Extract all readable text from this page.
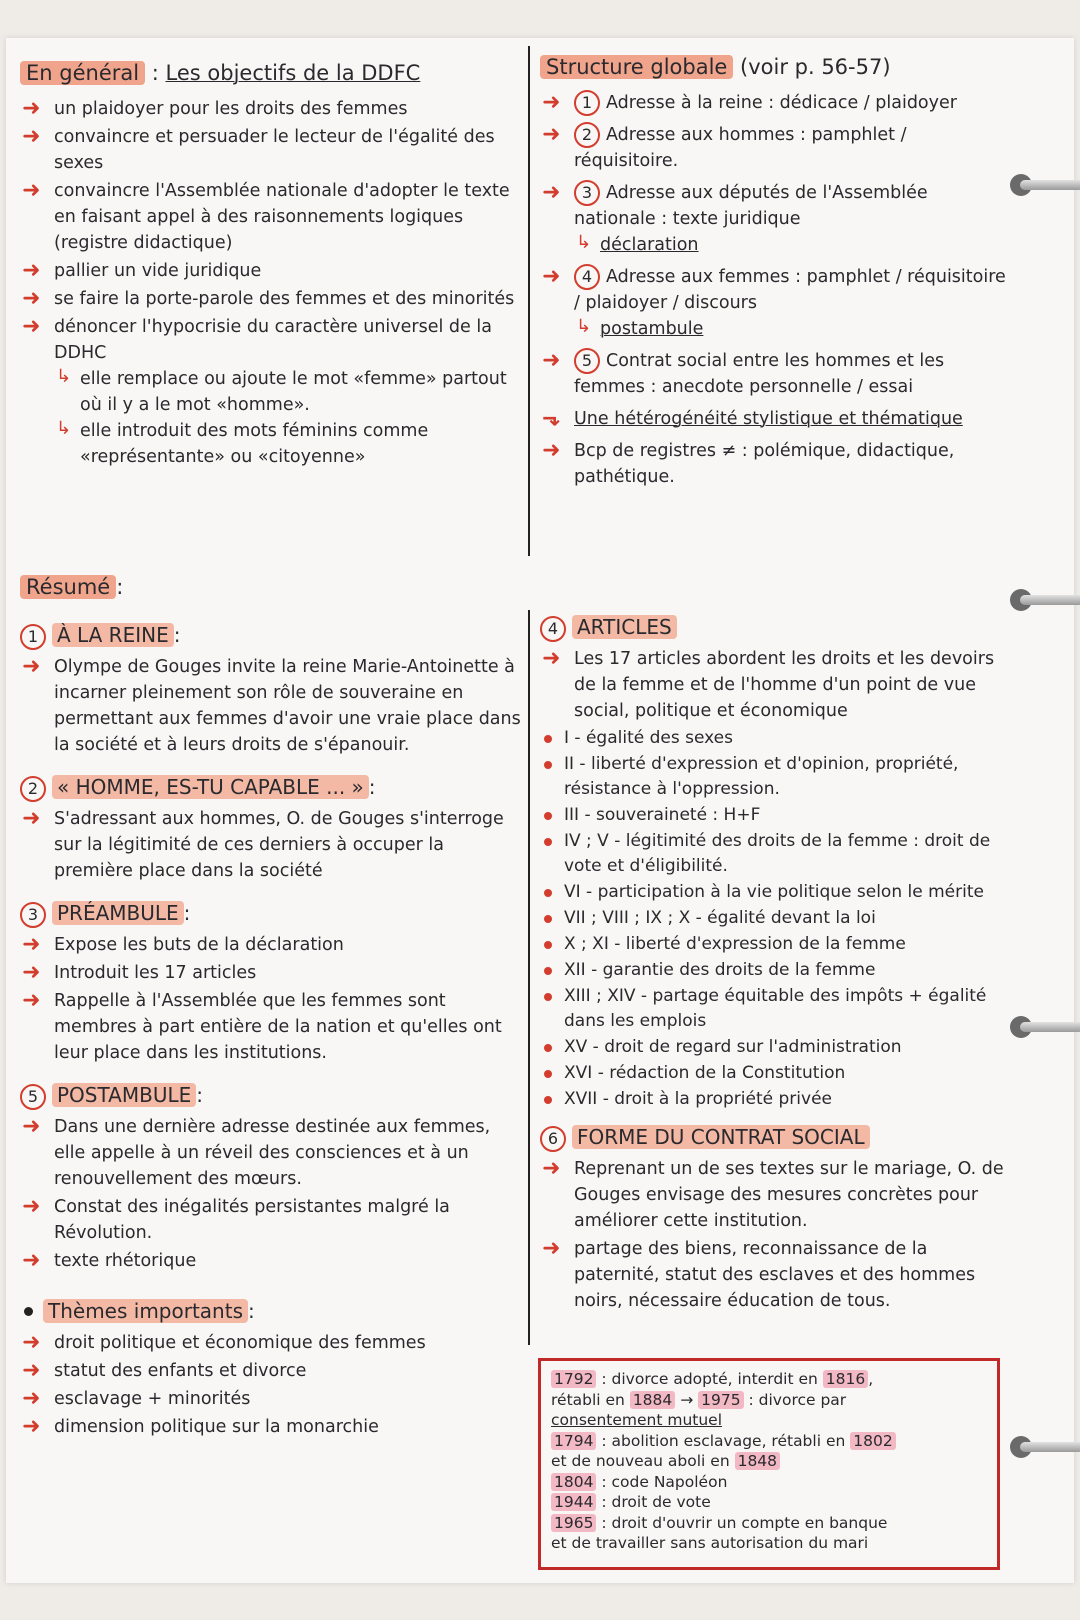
En général : Les objectifs de la DDFC
➜ un plaidoyer pour les droits des femmes
➜ convaincre et persuader le lecteur de l'égalité des sexes
➜ convaincre l'Assemblée nationale d'adopter le texte en faisant appel à des raisonnements logiques (registre didactique)
➜ pallier un vide juridique
➜ se faire la porte-parole des femmes et des minorités
➜ dénoncer l'hypocrisie du caractère universel de la DDHC
↳ elle remplace ou ajoute le mot «femme» partout où il y a le mot «homme».
↳ elle introduit des mots féminins comme «représentante» ou «citoyenne»
Structure globale (voir p. 56-57)
➜ 1 Adresse à la reine : dédicace / plaidoyer
➜ 2 Adresse aux hommes : pamphlet / réquisitoire.
➜ 3 Adresse aux députés de l'Assemblée nationale : texte juridique
↳ déclaration
➜ 4 Adresse aux femmes : pamphlet / réquisitoire / plaidoyer / discours
↳ postambule
➜ 5 Contrat social entre les hommes et les femmes : anecdote personnelle / essai
⬎ Une hétérogénéité stylistique et thématique
➜ Bcp de registres ≠ : polémique, didactique, pathétique.
Résumé :
1 À LA REINE :
➜ Olympe de Gouges invite la reine Marie-Antoinette à incarner pleinement son rôle de souveraine en permettant aux femmes d'avoir une vraie place dans la société et à leurs droits de s'épanouir.
2 « HOMME, ES-TU CAPABLE ... » :
➜ S'adressant aux hommes, O. de Gouges s'interroge sur la légitimité de ces derniers à occuper la première place dans la société
3 PRÉAMBULE :
➜ Expose les buts de la déclaration
➜ Introduit les 17 articles
➜ Rappelle à l'Assemblée que les femmes sont membres à part entière de la nation et qu'elles ont leur place dans les institutions.
5 POSTAMBULE :
➜ Dans une dernière adresse destinée aux femmes, elle appelle à un réveil des consciences et à un renouvellement des mœurs.
➜ Constat des inégalités persistantes malgré la Révolution.
➜ texte rhétorique
Thèmes importants :
➜ droit politique et économique des femmes
➜ statut des enfants et divorce
➜ esclavage + minorités
➜ dimension politique sur la monarchie
4 ARTICLES
➜ Les 17 articles abordent les droits et les devoirs de la femme et de l'homme d'un point de vue social, politique et économique
I - égalité des sexes
II - liberté d'expression et d'opinion, propriété, résistance à l'oppression.
III - souveraineté : H+F
IV ; V - légitimité des droits de la femme : droit de vote et d'éligibilité.
VI - participation à la vie politique selon le mérite
VII ; VIII ; IX ; X - égalité devant la loi
X ; XI - liberté d'expression de la femme
XII - garantie des droits de la femme
XIII ; XIV - partage équitable des impôts + égalité dans les emplois
XV - droit de regard sur l'administration
XVI - rédaction de la Constitution
XVII - droit à la propriété privée
6 FORME DU CONTRAT SOCIAL
➜ Reprenant un de ses textes sur le mariage, O. de Gouges envisage des mesures concrètes pour améliorer cette institution.
➜ partage des biens, reconnaissance de la paternité, statut des esclaves et des hommes noirs, nécessaire éducation de tous.

1792 : divorce adopté, interdit en 1816 ,

rétabli en 1884 → 1975 : divorce par

consentement mutuel

1794 : abolition esclavage, rétabli en 1802

et de nouveau aboli en 1848

1804 : code Napoléon

1944 : droit de vote

1965 : droit d'ouvrir un compte en banque

et de travailler sans autorisation du mari
